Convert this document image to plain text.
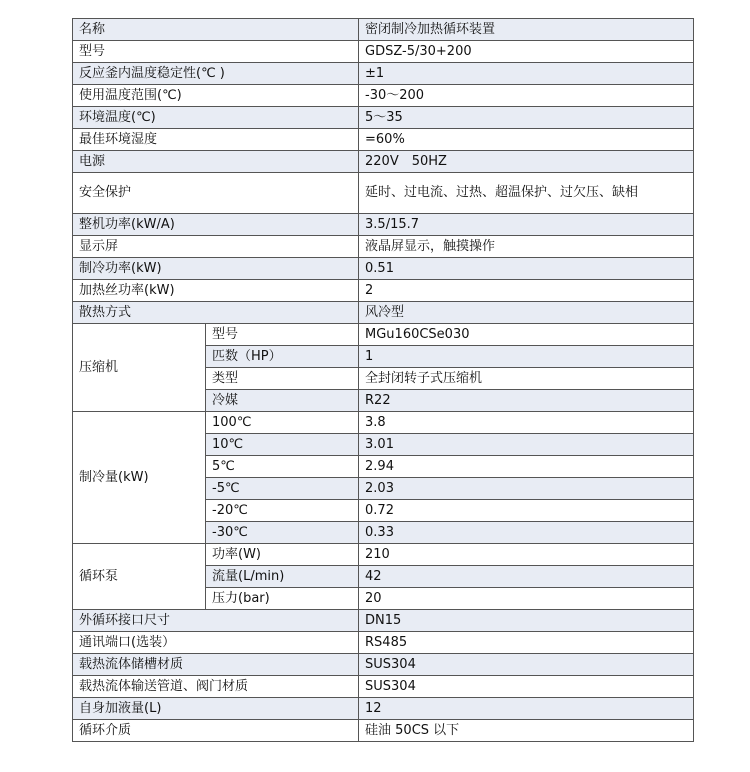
名称		密闭制冷加热循环装置
型号		GDSZ-5/30+200
反应釜内温度稳定性(℃ )		±1
使用温度范围(℃)		-30～200
环境温度(℃)		5～35
最佳环境湿度		=60%
电源		220V　50HZ
安全保护		延时、过电流、过热、超温保护、过欠压、缺相
整机功率(kW/A)		3.5/15.7
显示屏		液晶屏显示，触摸操作
制冷功率(kW)		0.51
加热丝功率(kW)		2
散热方式		风冷型
压缩机	型号	MGu160CSe030
	匹数（HP）	1
	类型	全封闭转子式压缩机
	冷媒	R22
制冷量(kW)	100℃	3.8
	10℃	3.01
	5℃	2.94
	-5℃	2.03
	-20℃	0.72
	-30℃	0.33
循环泵	功率(W)	210
	流量(L/min)	42
	压力(bar)	20
外循环接口尺寸		DN15
通讯端口(选装）		RS485
载热流体储槽材质		SUS304
载热流体输送管道、阀门材质		SUS304
自身加液量(L)		12
循环介质		硅油 50CS 以下
